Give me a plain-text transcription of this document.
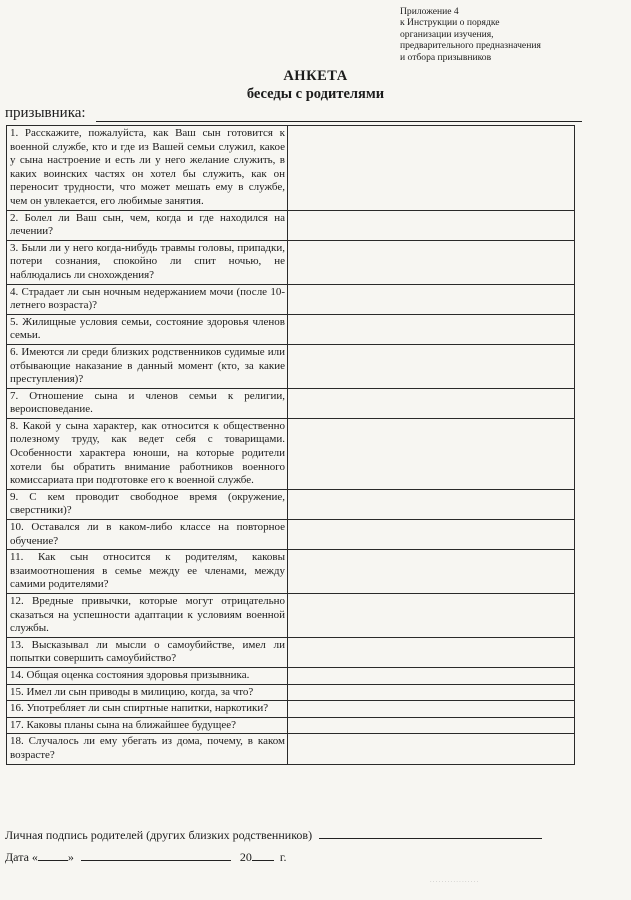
Приложение 4
к Инструкции о порядке
организации изучения,
предварительного предназначения
и отбора призывников
АНКЕТА
беседы с родителями
призывника:
1. Расскажите, пожалуйста, как Ваш сын готовится к военной службе, кто и где из Вашей семьи служил, какое у сына настроение и есть ли у него желание служить, в каких воинских частях он хотел бы служить, как он переносит трудности, что может мешать ему в службе, чем он увлекается, его любимые занятия.	
2. Болел ли Ваш сын, чем, когда и где находился на лечении?	
3. Были ли у него когда-нибудь травмы головы, припадки, потери сознания, спокойно ли спит ночью, не наблюдались ли снохождения?	
4. Страдает ли сын ночным недержанием мочи (после 10-летнего возраста)?	
5. Жилищные условия семьи, состояние здоровья членов семьи.	
6. Имеются ли среди близких родственников судимые или отбывающие наказание в данный момент (кто, за какие преступления)?	
7. Отношение сына и членов семьи к религии, вероисповедание.	
8. Какой у сына характер, как относится к общественно полезному труду, как ведет себя с товарищами. Особенности характера юноши, на которые родители хотели бы обратить внимание работников военного комиссариата при подготовке его к военной службе.	
9. С кем проводит свободное время (окружение, сверстники)?	
10. Оставался ли в каком-либо классе на повторное обучение?	
11. Как сын относится к родителям, каковы взаимоотношения в семье между ее членами, между самими родителями?	
12. Вредные привычки, которые могут отрицательно сказаться на успешности адаптации к условиям военной службы.	
13. Высказывал ли мысли о самоубийстве, имел ли попытки совершить самоубийство?	
14. Общая оценка состояния здоровья призывника.	
15. Имел ли сын приводы в милицию, когда, за что?	
16. Употребляет ли сын спиртные напитки, наркотики?	
17. Каковы планы сына на ближайшее будущее?	
18. Случалось ли ему убегать из дома, почему, в каком возрасте?	
Личная подпись родителей (других близких родственников)
Дата «	»	20 г.
· · · · · · · · · · · · · · · · ·
